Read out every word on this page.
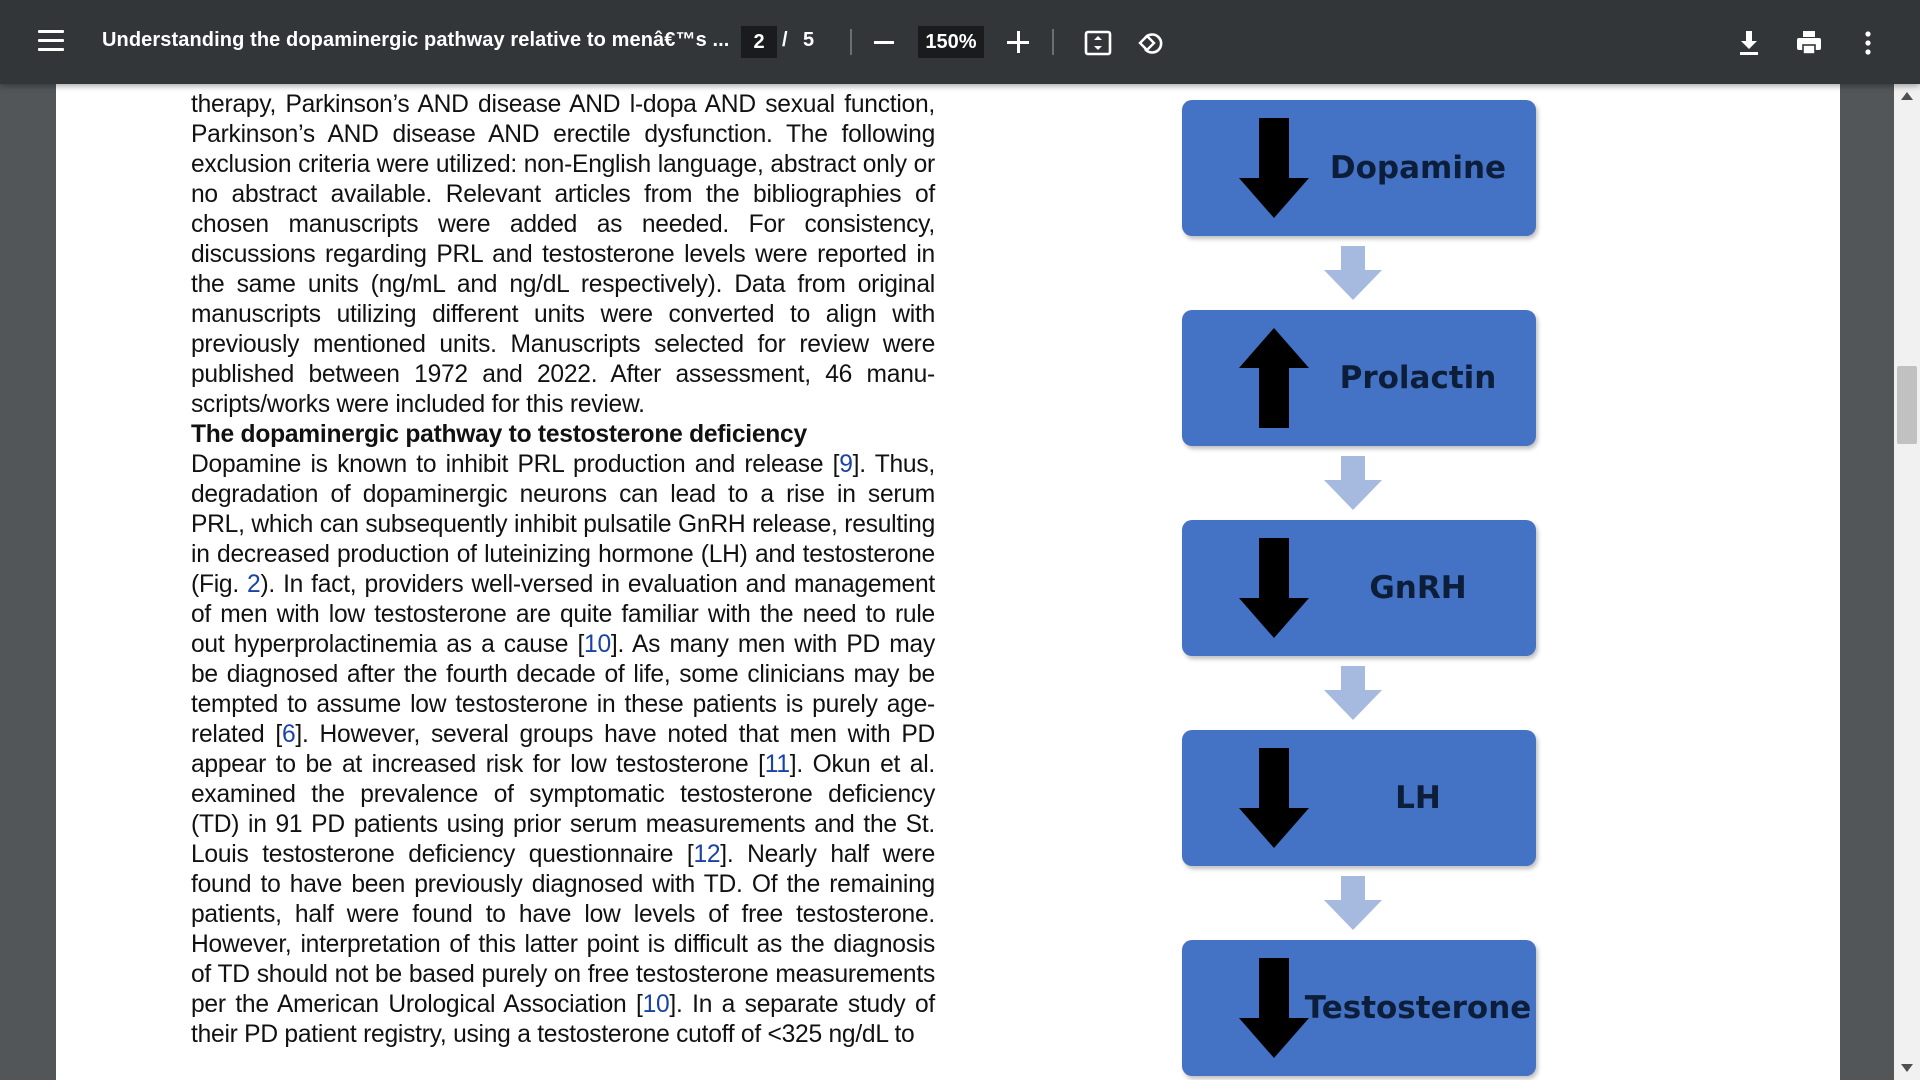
Understanding the dopaminergic pathway relative to menâ€™s ...	2 / 5	150%

therapy, Parkinson’s AND disease AND l-dopa AND sexual function, Parkinson’s AND disease AND erectile dysfunction. The following exclusion criteria were utilized: non-English language, abstract only or no abstract available. Relevant articles from the bibliographies of chosen manuscripts were added as needed. For consistency, discussions regarding PRL and testosterone levels were reported in the same units (ng/mL and ng/dL respectively). Data from original manuscripts utilizing different units were converted to align with previously mentioned units. Manuscripts selected for review were published between 1972 and 2022. After assessment, 46 manu-scripts/works were included for this review.

The dopaminergic pathway to testosterone deficiency

Dopamine is known to inhibit PRL production and release [9]. Thus, degradation of dopaminergic neurons can lead to a rise in serum PRL, which can subsequently inhibit pulsatile GnRH release, resulting in decreased production of luteinizing hormone (LH) and testosterone (Fig. 2). In fact, providers well-versed in evaluation and management of men with low testosterone are quite familiar with the need to rule out hyperprolactinemia as a cause [10]. As many men with PD may be diagnosed after the fourth decade of life, some clinicians may be tempted to assume low testosterone in these patients is purely age-related [6]. However, several groups have noted that men with PD appear to be at increased risk for low testosterone [11]. Okun et al. examined the prevalence of symptomatic testosterone deficiency (TD) in 91 PD patients using prior serum measurements and the St. Louis testosterone deficiency questionnaire [12]. Nearly half were found to have been previously diagnosed with TD. Of the remaining patients, half were found to have low levels of free testosterone. However, interpretation of this latter point is difficult as the diagnosis of TD should not be based purely on free testosterone measurements per the American Urological Association [10]. In a separate study of their PD patient registry, using a testosterone cutoff of <325 ng/dL to

Dopamine
Prolactin
GnRH
LH
Testosterone
